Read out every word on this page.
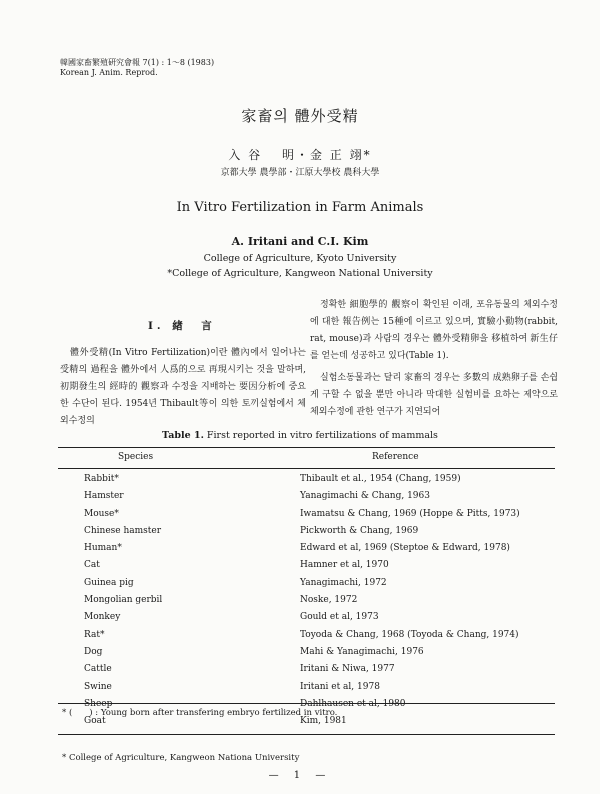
韓國家畜繁殖硏究會報 7(1) : 1～8 (1983)
Korean J. Anim. Reprod.
家畜의 體外受精
入 谷 　明・金 正 翊*
京都大學 農學部・江原大學校 農科大學
In Vitro Fertilization in Farm Animals
A. Iritani and C.I. Kim
College of Agriculture, Kyoto University
*College of Agriculture, Kangweon National University
Ⅰ. 緖　言

體外受精(In Vitro Fertilization)이란 體內에서 일어나는 受精의 過程을 體外에서 人爲的으로 再現시키는 것을 말하며, 初期發生의 經時的 觀察과 수정을 지배하는 要因分析에 중요한 수단이 된다. 1954년 Thibault等이 의한 토끼실험에서 체외수정의

정확한 細胞學的 觀察이 확인된 이래, 포유동물의 체외수정에 대한 報告例는 15種에 이르고 있으며, 實驗小動物(rabbit, rat, mouse)과 사람의 경우는 體外受精卵을 移植하여 新生仔를 얻는데 성공하고 있다(Table 1).

실험소동물과는 달리 家畜의 경우는 多數의 成熟卵子를 손쉽게 구할 수 없을 뿐만 아니라 막대한 실험비를 요하는 제약으로 체외수정에 관한 연구가 지연되어

Table 1. First reported in vitro fertilizations of mammals
Species	Reference
Rabbit*	Thibault et al., 1954 (Chang, 1959)
Hamster	Yanagimachi & Chang, 1963
Mouse*	Iwamatsu & Chang, 1969 (Hoppe & Pitts, 1973)
Chinese hamster	Pickworth & Chang, 1969
Human*	Edward et al, 1969 (Steptoe & Edward, 1978)
Cat	Hamner et al, 1970
Guinea pig	Yanagimachi, 1972
Mongolian gerbil	Noske, 1972
Monkey	Gould et al, 1973
Rat*	Toyoda & Chang, 1968 (Toyoda & Chang, 1974)
Dog	Mahi & Yanagimachi, 1976
Cattle	Iritani & Niwa, 1977
Swine	Iritani et al, 1978
Sheep	Dahlhausen et al, 1980
Goat	Kim, 1981
* (　　) : Young born after transfering embryo fertilized in vitro.
* College of Agriculture, Kangweon Nationa University
— 1 —
